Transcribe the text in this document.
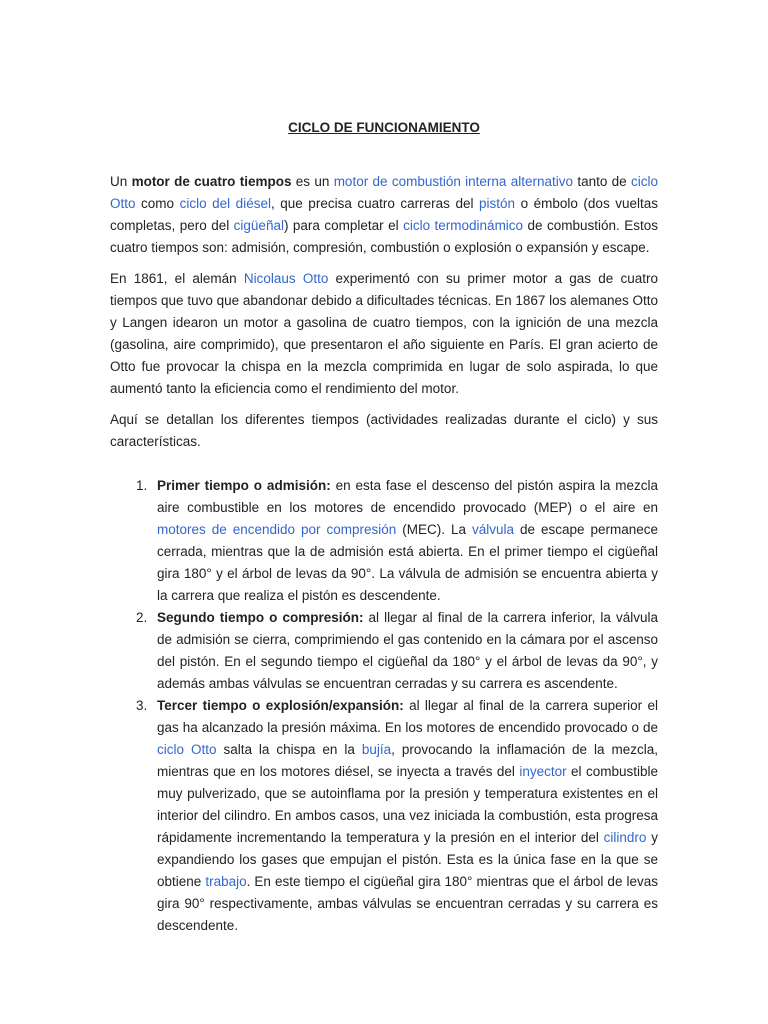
CICLO DE FUNCIONAMIENTO

Un motor de cuatro tiempos es un motor de combustión interna alternativo tanto de ciclo Otto como ciclo del diésel, que precisa cuatro carreras del pistón o émbolo (dos vueltas completas, pero del cigüeñal) para completar el ciclo termodinámico de combustión. Estos cuatro tiempos son: admisión, compresión, combustión o explosión o expansión y escape.

En 1861, el alemán Nicolaus Otto experimentó con su primer motor a gas de cuatro tiempos que tuvo que abandonar debido a dificultades técnicas. En 1867 los alemanes Otto y Langen idearon un motor a gasolina de cuatro tiempos, con la ignición de una mezcla (gasolina, aire comprimido), que presentaron el año siguiente en París. El gran acierto de Otto fue provocar la chispa en la mezcla comprimida en lugar de solo aspirada, lo que aumentó tanto la eficiencia como el rendimiento del motor.

Aquí se detallan los diferentes tiempos (actividades realizadas durante el ciclo) y sus características.

1. Primer tiempo o admisión: en esta fase el descenso del pistón aspira la mezcla aire combustible en los motores de encendido provocado (MEP) o el aire en motores de encendido por compresión (MEC). La válvula de escape permanece cerrada, mientras que la de admisión está abierta. En el primer tiempo el cigüeñal gira 180° y el árbol de levas da 90°. La válvula de admisión se encuentra abierta y la carrera que realiza el pistón es descendente.
2. Segundo tiempo o compresión: al llegar al final de la carrera inferior, la válvula de admisión se cierra, comprimiendo el gas contenido en la cámara por el ascenso del pistón. En el segundo tiempo el cigüeñal da 180° y el árbol de levas da 90°, y además ambas válvulas se encuentran cerradas y su carrera es ascendente.
3. Tercer tiempo o explosión/expansión: al llegar al final de la carrera superior el gas ha alcanzado la presión máxima. En los motores de encendido provocado o de ciclo Otto salta la chispa en la bujía, provocando la inflamación de la mezcla, mientras que en los motores diésel, se inyecta a través del inyector el combustible muy pulverizado, que se autoinflama por la presión y temperatura existentes en el interior del cilindro. En ambos casos, una vez iniciada la combustión, esta progresa rápidamente incrementando la temperatura y la presión en el interior del cilindro y expandiendo los gases que empujan el pistón. Esta es la única fase en la que se obtiene trabajo. En este tiempo el cigüeñal gira 180° mientras que el árbol de levas gira 90° respectivamente, ambas válvulas se encuentran cerradas y su carrera es descendente.
